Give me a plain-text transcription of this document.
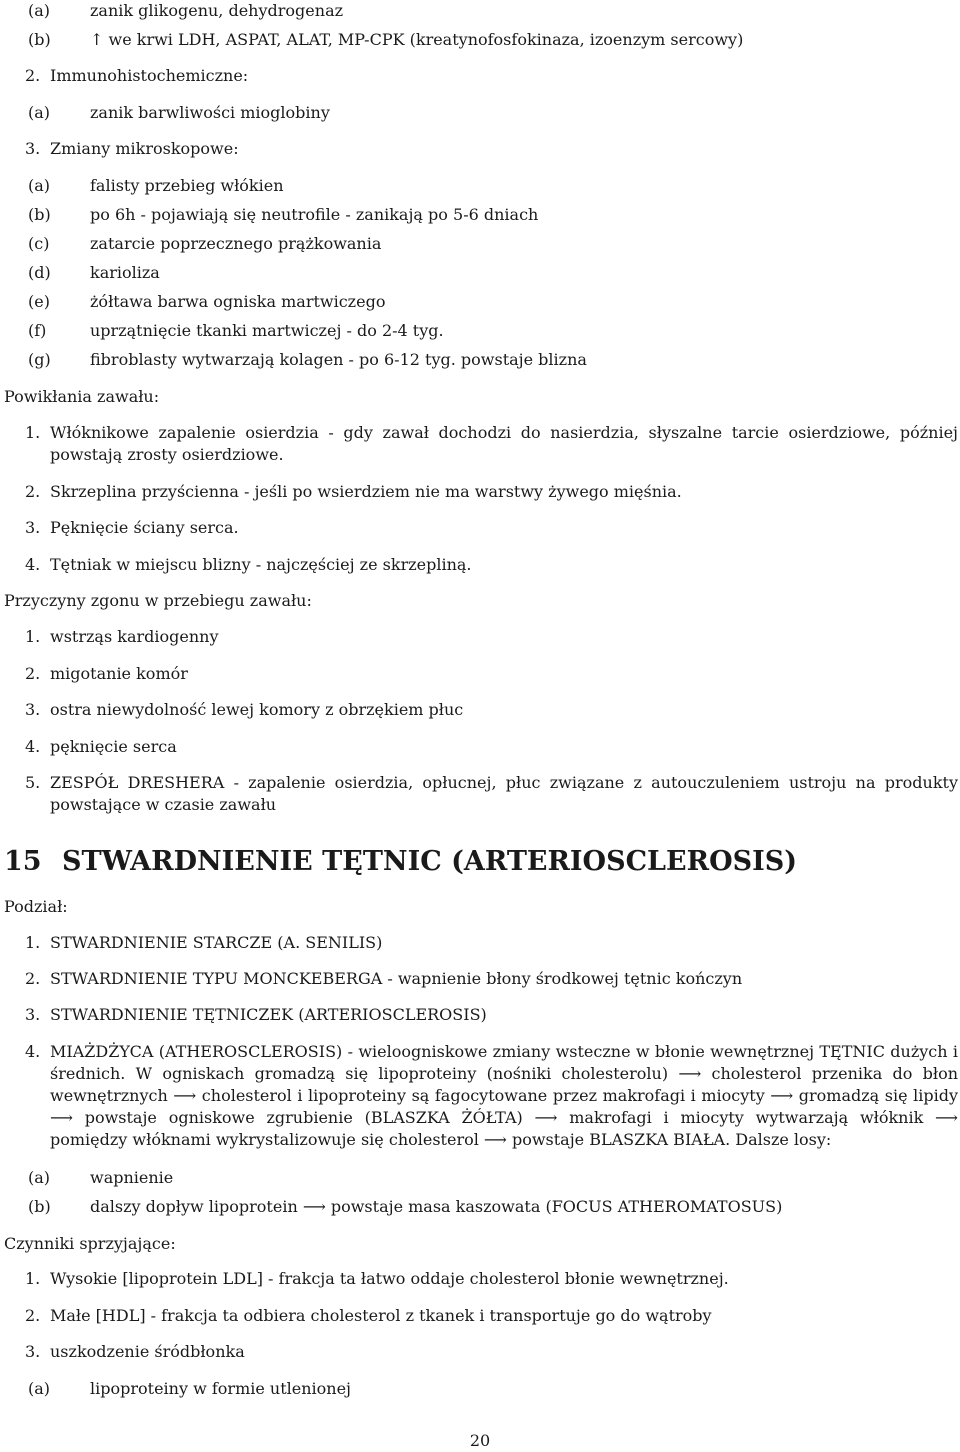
(a) zanik glikogenu, dehydrogenaz
(b) ↑ we krwi LDH, ASPAT, ALAT, MP-CPK (kreatynofosfokinaza, izoenzym sercowy)
2. Immunohistochemiczne:
(a) zanik barwliwości mioglobiny
3. Zmiany mikroskopowe:
(a) falisty przebieg włókien
(b) po 6h - pojawiają się neutrofile - zanikają po 5-6 dniach
(c)	zatarcie poprzecznego prążkowania
(d) karioliza
(e)	żółtawa barwa ogniska martwiczego
(f)	uprzątnięcie tkanki martwiczej - do 2-4 tyg.
(g) fibroblasty wytwarzają kolagen - po 6-12 tyg. powstaje blizna
Powikłania zawału:
1. Włóknikowe zapalenie osierdzia - gdy zawał dochodzi do nasierdzia, słyszalne tarcie osierdziowe, później powstają zrosty osierdziowe.
2. Skrzeplina przyścienna - jeśli po wsierdziem nie ma warstwy żywego mięśnia.
3. Pęknięcie ściany serca.
4. Tętniak w miejscu blizny - najczęściej ze skrzepliną.
Przyczyny zgonu w przebiegu zawału:
1. wstrząs kardiogenny
2. migotanie komór
3. ostra niewydolność lewej komory z obrzękiem płuc
4. pęknięcie serca
5. ZESPÓŁ DRESHERA - zapalenie osierdzia, opłucnej, płuc związane z autouczuleniem ustroju na produkty powstające w czasie zawału
15 STWARDNIENIE TĘTNIC (ARTERIOSCLEROSIS)
Podział:
1. STWARDNIENIE STARCZE (A. SENILIS)
2. STWARDNIENIE TYPU MONCKEBERGA - wapnienie błony środkowej tętnic kończyn
3. STWARDNIENIE TĘTNICZEK (ARTERIOSCLEROSIS)
4. MIAŻDŻYCA (ATHEROSCLEROSIS) - wieloogniskowe zmiany wsteczne w błonie wewnętrznej TĘTNIC dużych i średnich. W ogniskach gromadzą się lipoproteiny (nośniki cholesterolu) ⟶ cholesterol przenika do błon wewnętrznych ⟶ cholesterol i lipoproteiny są fagocytowane przez makrofagi i miocyty ⟶ gromadzą się lipidy ⟶ powstaje ogniskowe zgrubienie (BLASZKA ŻÓŁTA) ⟶ makrofagi i miocyty wytwarzają włóknik ⟶ pomiędzy włóknami wykrystalizowuje się cholesterol ⟶ powstaje BLASZKA BIAŁA. Dalsze losy:
(a) wapnienie
(b) dalszy dopływ lipoprotein ⟶ powstaje masa kaszowata (FOCUS ATHEROMATOSUS)
Czynniki sprzyjające:
1. Wysokie [lipoprotein LDL] - frakcja ta łatwo oddaje cholesterol błonie wewnętrznej.
2. Małe [HDL] - frakcja ta odbiera cholesterol z tkanek i transportuje go do wątroby
3. uszkodzenie śródbłonka
(a) lipoproteiny w formie utlenionej
20
